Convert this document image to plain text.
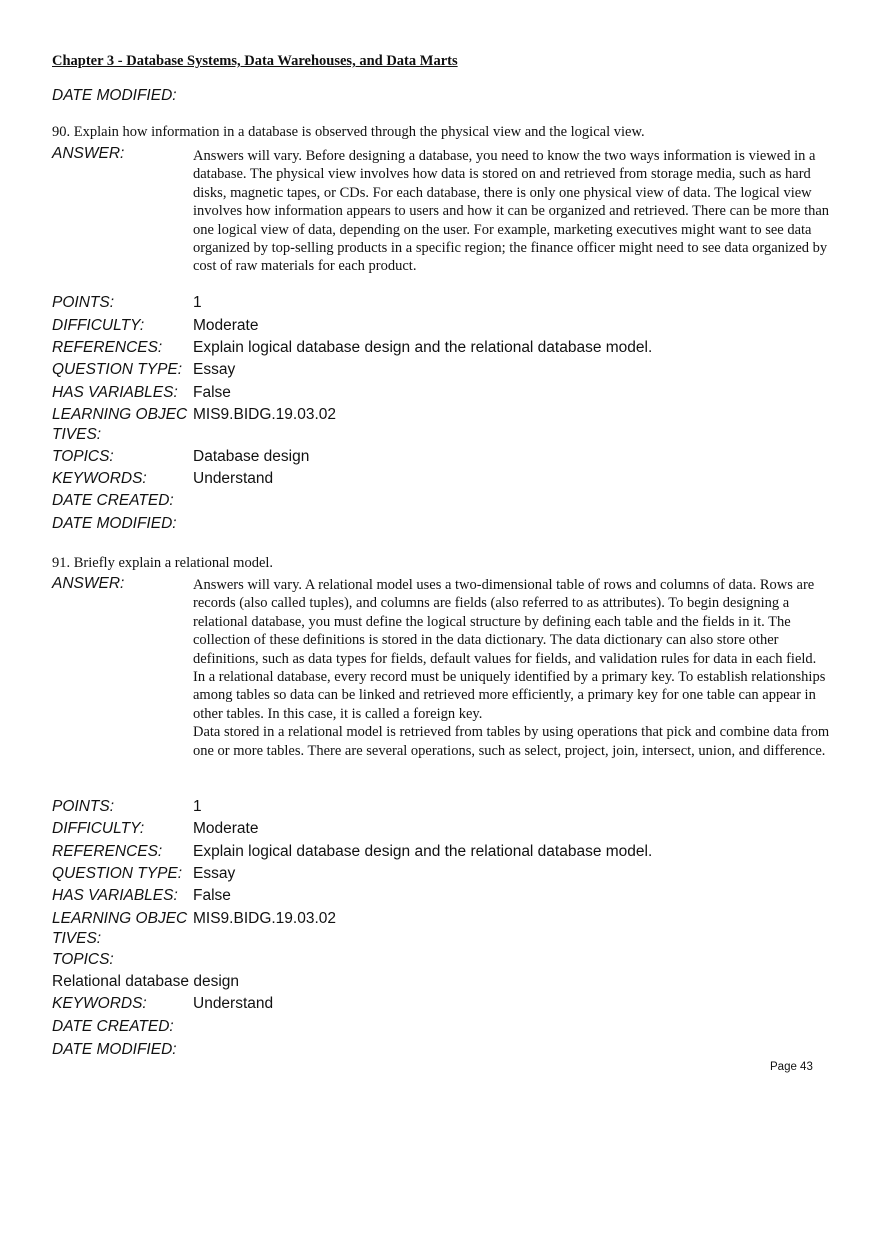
Chapter 3 - Database Systems, Data Warehouses, and Data Marts
DATE MODIFIED:
90. Explain how information in a database is observed through the physical view and the logical view.
ANSWER:	Answers will vary. Before designing a database, you need to know the two ways information is viewed in a database. The physical view involves how data is stored on and retrieved from storage media, such as hard disks, magnetic tapes, or CDs. For each database, there is only one physical view of data. The logical view involves how information appears to users and how it can be organized and retrieved. There can be more than one logical view of data, depending on the user. For example, marketing executives might want to see data organized by top-selling products in a specific region; the finance officer might need to see data organized by cost of raw materials for each product.

POINTS:	1
DIFFICULTY:	Moderate
REFERENCES: Explain logical database design and the relational database model.
QUESTION TYPE: Essay
HAS VARIABLES: False
LEARNING OBJEC MIS9.BIDG.19.03.02
TIVES:
TOPICS:	Database design
KEYWORDS:	Understand
DATE CREATED:
DATE MODIFIED:
91. Briefly explain a relational model.
ANSWER:	Answers will vary. A relational model uses a two-dimensional table of rows and columns of data. Rows are records (also called tuples), and columns are fields (also referred to as attributes). To begin designing a relational database, you must define the logical structure by defining each table and the fields in it. The collection of these definitions is stored in the data dictionary. The data dictionary can also store other definitions, such as data types for fields, default values for fields, and validation rules for data in each field.

In a relational database, every record must be uniquely identified by a primary key. To establish relationships among tables so data can be linked and retrieved more efficiently, a primary key for one table can appear in other tables. In this case, it is called a foreign key.

Data stored in a relational model is retrieved from tables by using operations that pick and combine data from one or more tables. There are several operations, such as select, project, join, intersect, union, and difference.

POINTS:	1
DIFFICULTY:	Moderate
REFERENCES: Explain logical database design and the relational database model.
QUESTION TYPE: Essay
HAS VARIABLES: False
LEARNING OBJEC MIS9.BIDG.19.03.02
TIVES:
TOPICS:
Relational database design
KEYWORDS:	Understand
DATE CREATED:
DATE MODIFIED:
Page 43
